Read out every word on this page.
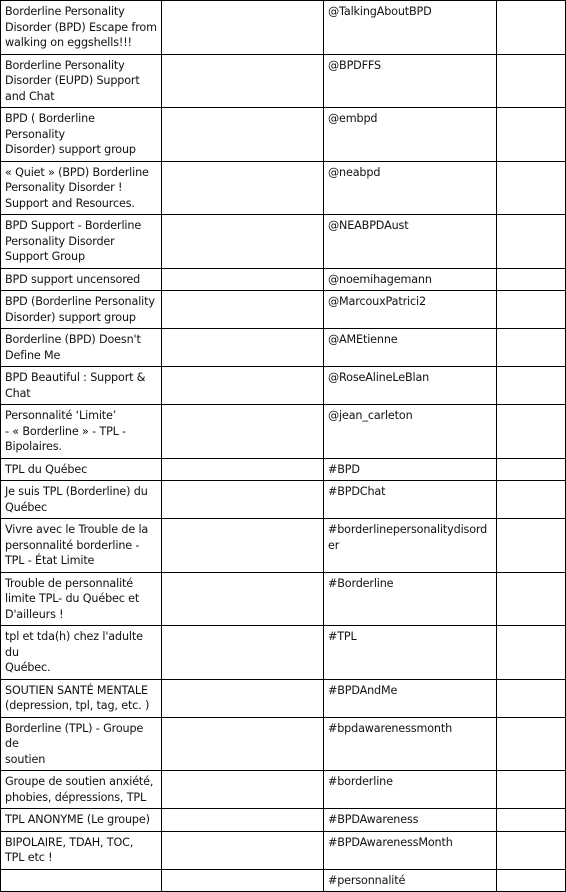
Borderline Personality
Disorder (BPD) Escape from
walking on eggshells!!!		@TalkingAboutBPD	
Borderline Personality
Disorder (EUPD) Support
and Chat		@BPDFFS	
BPD ( Borderline Personality
Disorder) support group		@embpd	
« Quiet » (BPD) Borderline
Personality Disorder !
Support and Resources.		@neabpd	
BPD Support - Borderline
Personality Disorder
Support Group		@NEABPDAust	
BPD support uncensored		@noemihagemann	
BPD (Borderline Personality
Disorder) support group		@MarcouxPatrici2	
Borderline (BPD) Doesn't
Define Me		@AMEtienne	
BPD Beautiful : Support &
Chat		@RoseAlineLeBlan	
Personnalité ‘Limite’
- « Borderline » - TPL -
Bipolaires.		@jean_carleton	
TPL du Québec		#BPD	
Je suis TPL (Borderline) du
Québec		#BPDChat	
Vivre avec le Trouble de la
personnalité borderline -
TPL - État Limite		#borderlinepersonalitydisorder	
Trouble de personnalité
limite TPL- du Québec et
D'ailleurs !		#Borderline	
tpl et tda(h) chez l'adulte du
Québec.		#TPL	
SOUTIEN SANTÉ MENTALE
(depression, tpl, tag, etc. )		#BPDAndMe	
Borderline (TPL) - Groupe de
soutien		#bpdawarenessmonth	
Groupe de soutien anxiété,
phobies, dépressions, TPL		#borderline	
TPL ANONYME (Le groupe)		#BPDAwareness	
BIPOLAIRE, TDAH, TOC,
TPL etc !		#BPDAwarenessMonth	
		#personnalité	
